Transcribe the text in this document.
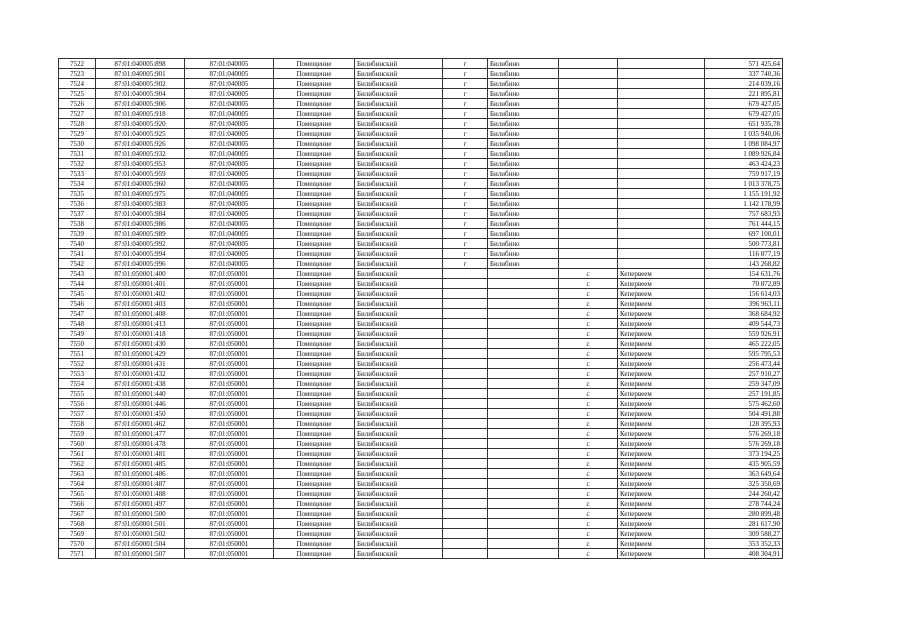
7522	87:01:040005:898	87:01:040005	Помещение	Билибинский	г	Билибино			571 425,64
7523	87:01:040005:901	87:01:040005	Помещение	Билибинский	г	Билибино			337 740,36
7524	87:01:040005:902	87:01:040005	Помещение	Билибинский	г	Билибино			214 039,16
7525	87:01:040005:904	87:01:040005	Помещение	Билибинский	г	Билибино			221 895,81
7526	87:01:040005:906	87:01:040005	Помещение	Билибинский	г	Билибино			679 427,05
7527	87:01:040005:918	87:01:040005	Помещение	Билибинский	г	Билибино			679 427,05
7528	87:01:040005:920	87:01:040005	Помещение	Билибинский	г	Билибино			651 935,78
7529	87:01:040005:925	87:01:040005	Помещение	Билибинский	г	Билибино			1 035 940,06
7530	87:01:040005:926	87:01:040005	Помещение	Билибинский	г	Билибино			1 098 084,97
7531	87:01:040005:932	87:01:040005	Помещение	Билибинский	г	Билибино			1 089 926,84
7532	87:01:040005:953	87:01:040005	Помещение	Билибинский	г	Билибино			463 424,23
7533	87:01:040005:959	87:01:040005	Помещение	Билибинский	г	Билибино			759 917,19
7534	87:01:040005:960	87:01:040005	Помещение	Билибинский	г	Билибино			1 013 378,75
7535	87:01:040005:975	87:01:040005	Помещение	Билибинский	г	Билибино			1 155 191,92
7536	87:01:040005:983	87:01:040005	Помещение	Билибинский	г	Билибино			1 142 178,99
7537	87:01:040005:984	87:01:040005	Помещение	Билибинский	г	Билибино			757 683,93
7538	87:01:040005:986	87:01:040005	Помещение	Билибинский	г	Билибино			761 444,15
7539	87:01:040005:989	87:01:040005	Помещение	Билибинский	г	Билибино			697 100,01
7540	87:01:040005:992	87:01:040005	Помещение	Билибинский	г	Билибино			500 773,81
7541	87:01:040005:994	87:01:040005	Помещение	Билибинский	г	Билибино			116 877,19
7542	87:01:040005:996	87:01:040005	Помещение	Билибинский	г	Билибино			143 268,82
7543	87:01:050001:400	87:01:050001	Помещение	Билибинский			с	Кепервеем	154 631,76
7544	87:01:050001:401	87:01:050001	Помещение	Билибинский			с	Кепервеем	70 872,89
7545	87:01:050001:402	87:01:050001	Помещение	Билибинский			с	Кепервеем	156 614,03
7546	87:01:050001:403	87:01:050001	Помещение	Билибинский			с	Кепервеем	396 963,11
7547	87:01:050001:408	87:01:050001	Помещение	Билибинский			с	Кепервеем	368 684,92
7548	87:01:050001:413	87:01:050001	Помещение	Билибинский			с	Кепервеем	409 544,73
7549	87:01:050001:418	87:01:050001	Помещение	Билибинский			с	Кепервеем	559 926,91
7550	87:01:050001:430	87:01:050001	Помещение	Билибинский			с	Кепервеем	465 222,05
7551	87:01:050001:429	87:01:050001	Помещение	Билибинский			с	Кепервеем	595 795,53
7552	87:01:050001:431	87:01:050001	Помещение	Билибинский			с	Кепервеем	256 473,44
7553	87:01:050001:432	87:01:050001	Помещение	Билибинский			с	Кепервеем	257 910,27
7554	87:01:050001:438	87:01:050001	Помещение	Билибинский			с	Кепервеем	259 347,09
7555	87:01:050001:440	87:01:050001	Помещение	Билибинский			с	Кепервеем	257 191,85
7556	87:01:050001:446	87:01:050001	Помещение	Билибинский			с	Кепервеем	575 462,60
7557	87:01:050001:450	87:01:050001	Помещение	Билибинский			с	Кепервеем	504 491,88
7558	87:01:050001:462	87:01:050001	Помещение	Билибинский			с	Кепервеем	128 395,93
7559	87:01:050001:477	87:01:050001	Помещение	Билибинский			с	Кепервеем	576 269,18
7560	87:01:050001:478	87:01:050001	Помещение	Билибинский			с	Кепервеем	576 269,18
7561	87:01:050001:481	87:01:050001	Помещение	Билибинский			с	Кепервеем	373 194,25
7562	87:01:050001:485	87:01:050001	Помещение	Билибинский			с	Кепервеем	435 905,59
7563	87:01:050001:486	87:01:050001	Помещение	Билибинский			с	Кепервеем	363 649,64
7564	87:01:050001:487	87:01:050001	Помещение	Билибинский			с	Кепервеем	325 350,69
7565	87:01:050001:488	87:01:050001	Помещение	Билибинский			с	Кепервеем	244 260,42
7566	87:01:050001:497	87:01:050001	Помещение	Билибинский			с	Кепервеем	278 744,24
7567	87:01:050001:500	87:01:050001	Помещение	Билибинский			с	Кепервеем	280 899,48
7568	87:01:050001:501	87:01:050001	Помещение	Билибинский			с	Кепервеем	281 617,90
7569	87:01:050001:502	87:01:050001	Помещение	Билибинский			с	Кепервеем	309 588,27
7570	87:01:050001:504	87:01:050001	Помещение	Билибинский			с	Кепервеем	353 352,33
7571	87:01:050001:507	87:01:050001	Помещение	Билибинский			с	Кепервеем	408 304,91
